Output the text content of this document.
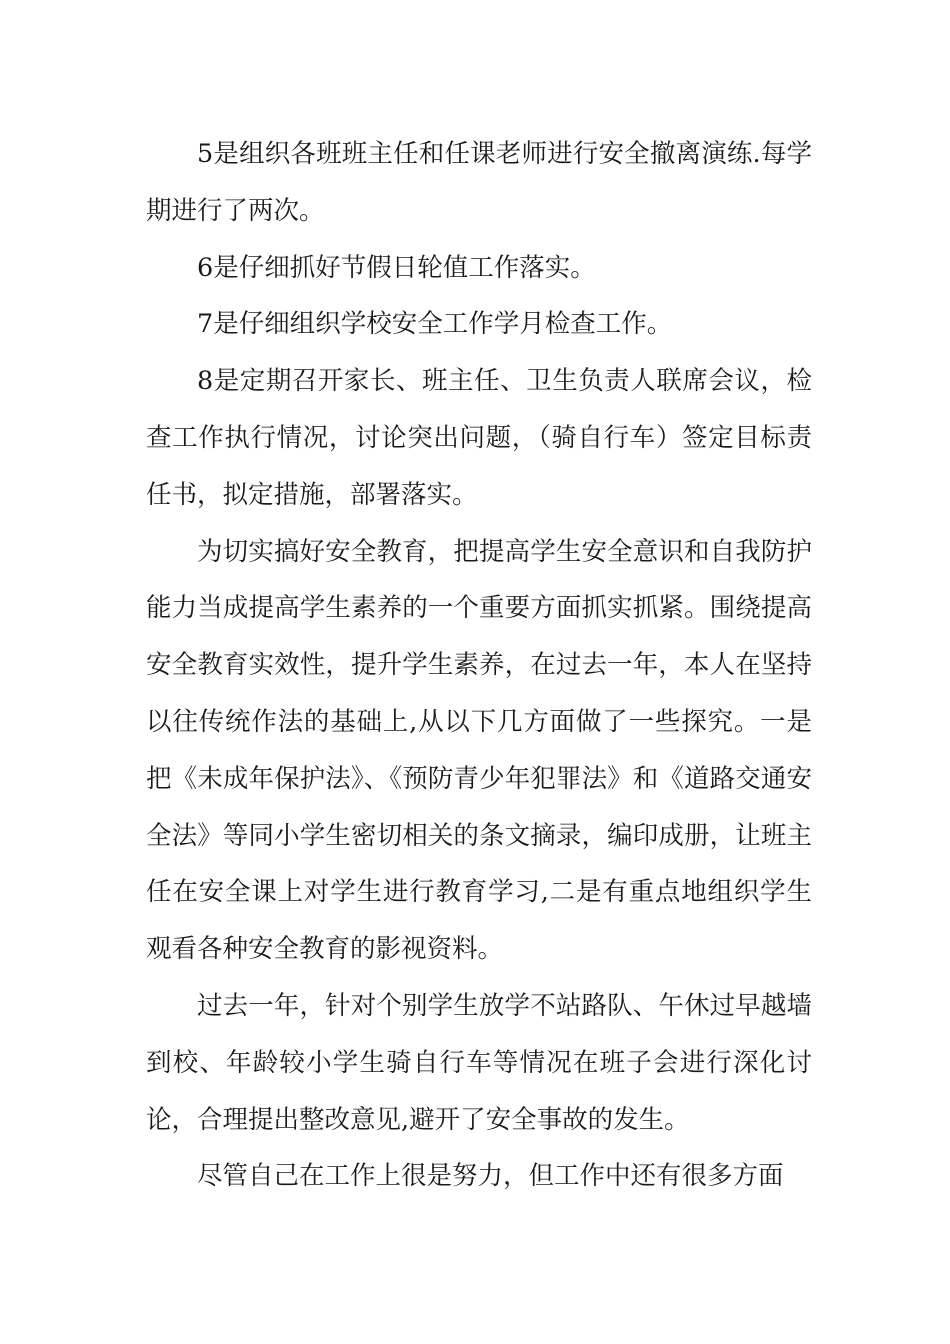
5是组织各班班主任和任课老师进行安全撤离演练.每学期进行了两次。

6是仔细抓好节假日轮值工作落实。

7是仔细组织学校安全工作学月检查工作。

8是定期召开家长、班主任、卫生负责人联席会议，检查工作执行情况，讨论突出问题，（骑自行车）签定目标责任书，拟定措施，部署落实。

为切实搞好安全教育，把提高学生安全意识和自我防护能力当成提高学生素养的一个重要方面抓实抓紧。围绕提高安全教育实效性，提升学生素养，在过去一年，本人在坚持以往传统作法的基础上,从以下几方面做了一些探究。一是把《未成年保护法》、《预防青少年犯罪法》和《道路交通安全法》等同小学生密切相关的条文摘录，编印成册，让班主任在安全课上对学生进行教育学习,二是有重点地组织学生观看各种安全教育的影视资料。

过去一年，针对个别学生放学不站路队、午休过早越墙到校、年龄较小学生骑自行车等情况在班子会进行深化讨论，合理提出整改意见,避开了安全事故的发生。

尽管自己在工作上很是努力，但工作中还有很多方面
